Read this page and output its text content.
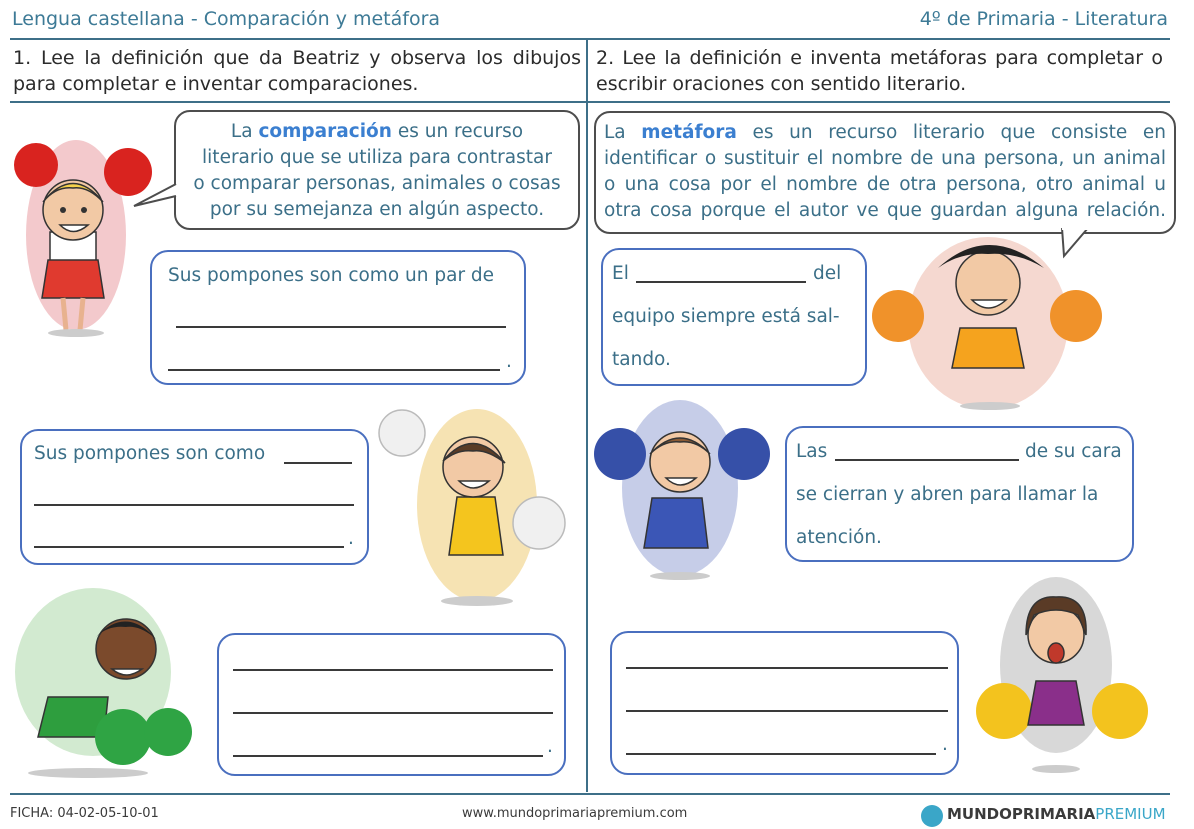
Lengua castellana - Comparación y metáfora	4º de Primaria - Literatura
1. Lee la definición que da Beatriz y observa los dibujos
para completar e inventar comparaciones.
2. Lee la definición e inventa metáforas para completar o
escribir oraciones con sentido literario.
La comparación es un recurso
literario que se utiliza para contrastar
o comparar personas, animales o cosas
por su semejanza en algún aspecto.
La metáfora es un recurso literario que consiste en
identificar o sustituir el nombre de una persona, un animal
o una cosa por el nombre de otra persona, otro animal u
otra cosa porque el autor ve que guardan alguna relación.
Sus pompones son como un par de
.
Sus pompones son como
.
.
El	del
equipo siempre está sal-
tando.
Las	de su cara
se cierran y abren para llamar la
atención.
.
FICHA: 04-02-05-10-01	www.mundoprimariapremium.com	MUNDOPRIMARIAPREMIUM
